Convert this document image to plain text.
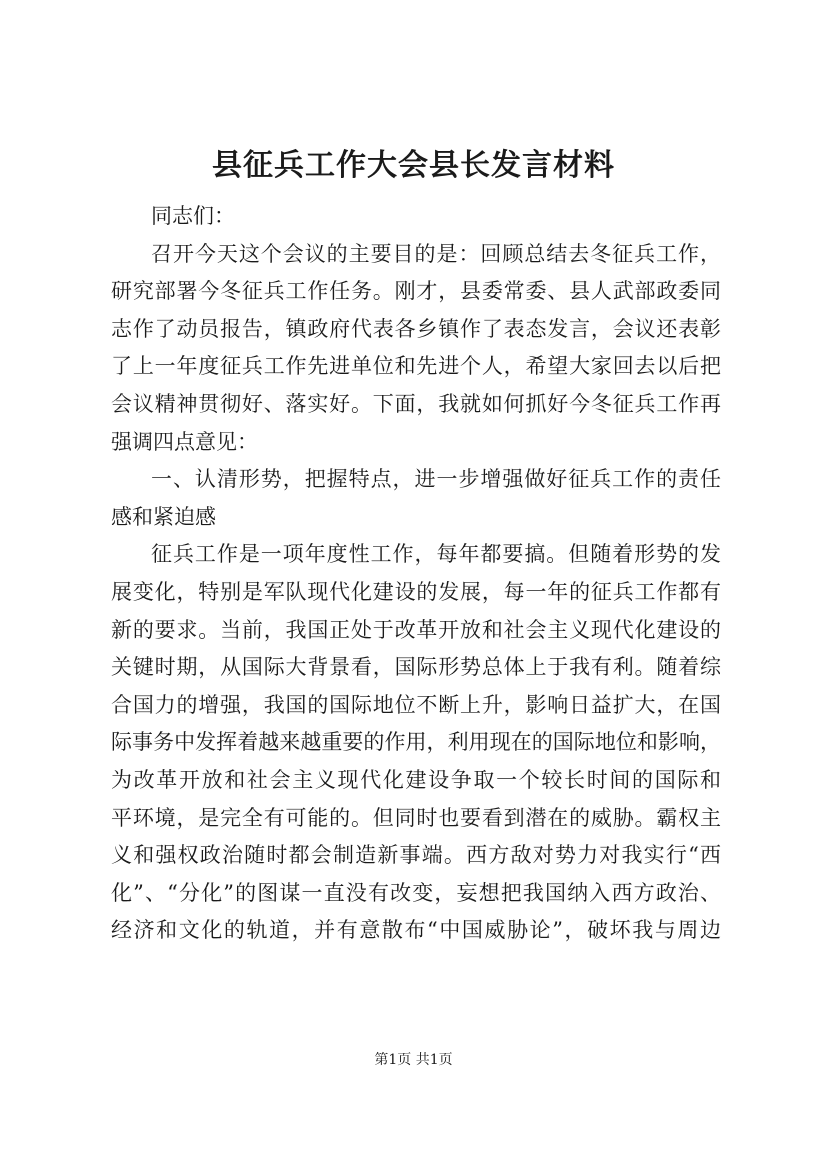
县征兵工作大会县长发言材料
同志们：
召开今天这个会议的主要目的是：回顾总结去冬征兵工作，
研究部署今冬征兵工作任务。刚才，县委常委、县人武部政委同
志作了动员报告，镇政府代表各乡镇作了表态发言，会议还表彰
了上一年度征兵工作先进单位和先进个人，希望大家回去以后把
会议精神贯彻好、落实好。下面，我就如何抓好今冬征兵工作再
强调四点意见：
一、认清形势，把握特点，进一步增强做好征兵工作的责任
感和紧迫感
征兵工作是一项年度性工作，每年都要搞。但随着形势的发
展变化，特别是军队现代化建设的发展，每一年的征兵工作都有
新的要求。当前，我国正处于改革开放和社会主义现代化建设的
关键时期，从国际大背景看，国际形势总体上于我有利。随着综
合国力的增强，我国的国际地位不断上升，影响日益扩大，在国
际事务中发挥着越来越重要的作用，利用现在的国际地位和影响，
为改革开放和社会主义现代化建设争取一个较长时间的国际和
平环境，是完全有可能的。但同时也要看到潜在的威胁。霸权主
义和强权政治随时都会制造新事端。西方敌对势力对我实行“西
化”、“分化”的图谋一直没有改变，妄想把我国纳入西方政治、
经济和文化的轨道，并有意散布“中国威胁论”，破坏我与周边
第1页 共1页
